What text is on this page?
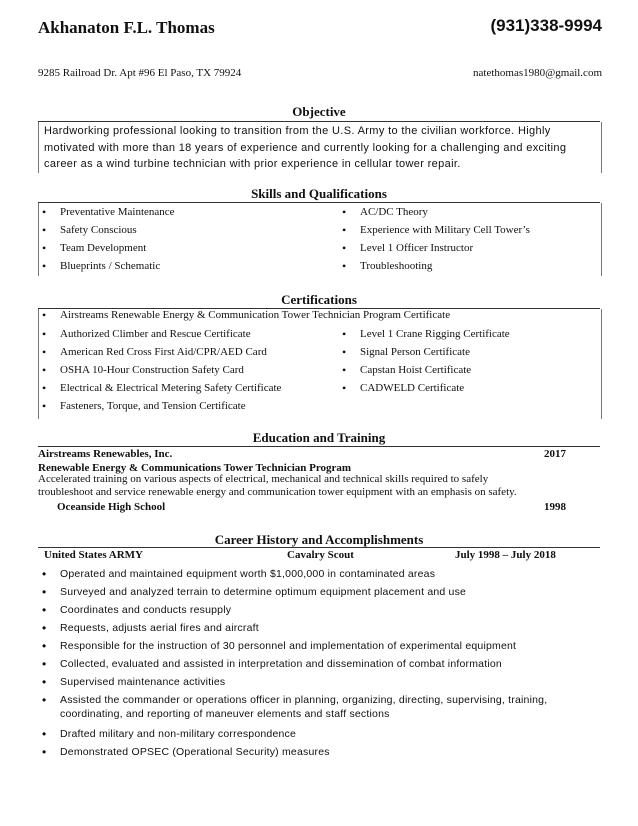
Akhanaton F.L. Thomas	(931)338-9994
9285 Railroad Dr. Apt #96 El Paso, TX 79924	natethomas1980@gmail.com
Objective
Hardworking professional looking to transition from the U.S. Army to the civilian workforce. Highly motivated with more than 18 years of experience and currently looking for a challenging and exciting career as a wind turbine technician with prior experience in cellular tower repair.
Skills and Qualifications
• Preventative Maintenance
• Safety Conscious
• Team Development
• Blueprints / Schematic
• AC/DC Theory
• Experience with Military Cell Tower’s
• Level 1 Officer Instructor
• Troubleshooting
Certifications
• Airstreams Renewable Energy & Communication Tower Technician Program Certificate
• Authorized Climber and Rescue Certificate
• American Red Cross First Aid/CPR/AED Card
• OSHA 10-Hour Construction Safety Card
• Electrical & Electrical Metering Safety Certificate
• Fasteners, Torque, and Tension Certificate
• Level 1 Crane Rigging Certificate
• Signal Person Certificate
• Capstan Hoist Certificate
• CADWELD Certificate
Education and Training
Airstreams Renewables, Inc.	2017
Renewable Energy & Communications Tower Technician Program
Accelerated training on various aspects of electrical, mechanical and technical skills required to safely
troubleshoot and service renewable energy and communication tower equipment with an emphasis on safety.
Oceanside High School	1998
Career History and Accomplishments
United States ARMY	Cavalry Scout	July 1998 – July 2018
• Operated and maintained equipment worth $1,000,000 in contaminated areas
• Surveyed and analyzed terrain to determine optimum equipment placement and use
• Coordinates and conducts resupply
• Requests, adjusts aerial fires and aircraft
• Responsible for the instruction of 30 personnel and implementation of experimental equipment
• Collected, evaluated and assisted in interpretation and dissemination of combat information
• Supervised maintenance activities
• Assisted the commander or operations officer in planning, organizing, directing, supervising, training, coordinating, and reporting of maneuver elements and staff sections
• Drafted military and non-military correspondence
• Demonstrated OPSEC (Operational Security) measures
